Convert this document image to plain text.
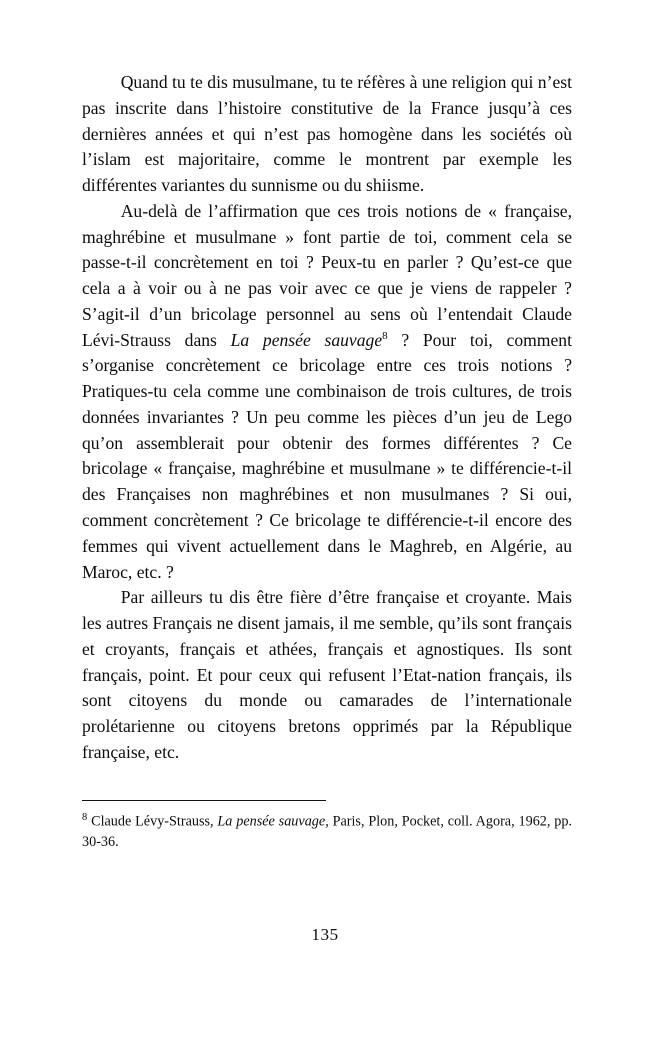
Quand tu te dis musulmane, tu te réfères à une religion qui n’est pas inscrite dans l’histoire constitutive de la France jusqu’à ces dernières années et qui n’est pas homogène dans les sociétés où l’islam est majoritaire, comme le montrent par exemple les différentes variantes du sunnisme ou du shiisme.

Au-delà de l’affirmation que ces trois notions de « française, maghrébine et musulmane » font partie de toi, comment cela se passe-t-il concrètement en toi ? Peux-tu en parler ? Qu’est-ce que cela a à voir ou à ne pas voir avec ce que je viens de rappeler ? S’agit-il d’un bricolage personnel au sens où l’entendait Claude Lévi-Strauss dans La pensée sauvage$^8$ ? Pour toi, comment s’organise concrètement ce bricolage entre ces trois notions ? Pratiques-tu cela comme une combinaison de trois cultures, de trois données invariantes ? Un peu comme les pièces d’un jeu de Lego qu’on assemblerait pour obtenir des formes différentes ? Ce bricolage « française, maghrébine et musulmane » te différencie-t-il des Françaises non maghrébines et non musulmanes ? Si oui, comment concrètement ? Ce bricolage te différencie-t-il encore des femmes qui vivent actuellement dans le Maghreb, en Algérie, au Maroc, etc. ?

Par ailleurs tu dis être fière d’être française et croyante. Mais les autres Français ne disent jamais, il me semble, qu’ils sont français et croyants, français et athées, français et agnostiques. Ils sont français, point. Et pour ceux qui refusent l’Etat-nation français, ils sont citoyens du monde ou camarades de l’internationale prolétarienne ou citoyens bretons opprimés par la République française, etc.

$^8$ Claude Lévy-Strauss, La pensée sauvage, Paris, Plon, Pocket, coll. Agora, 1962, pp. 30-36.

135
